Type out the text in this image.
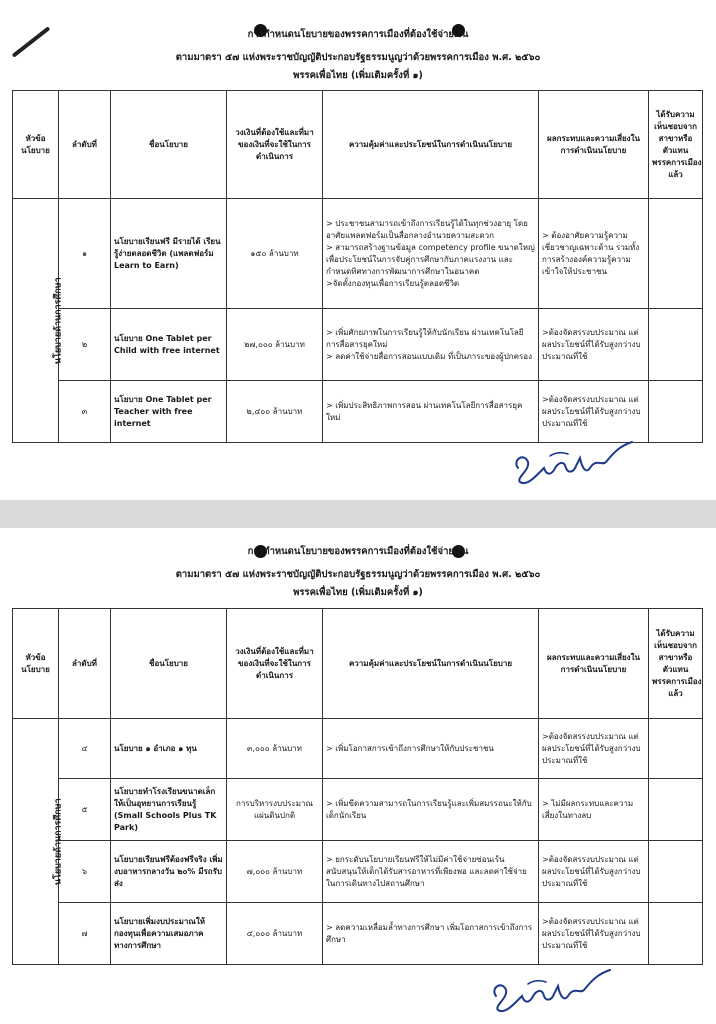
การกำหนดนโยบายของพรรคการเมืองที่ต้องใช้จ่ายเงิน
ตามมาตรา ๕๗ แห่งพระราชบัญญัติประกอบรัฐธรรมนูญว่าด้วยพรรคการเมือง พ.ศ. ๒๕๖๐
พรรคเพื่อไทย (เพิ่มเติมครั้งที่ ๑)
หัวข้อนโยบาย	ลำดับที่	ชื่อนโยบาย	วงเงินที่ต้องใช้และที่มาของเงินที่จะใช้ในการดำเนินการ	ความคุ้มค่าและประโยชน์ในการดำเนินนโยบาย	ผลกระทบและความเสี่ยงในการดำเนินนโยบาย	ได้รับความเห็นชอบจากสาขาหรือตัวแทนพรรคการเมืองแล้ว
นโยบายด้านการศึกษา	๑	นโยบายเรียนฟรี มีรายได้ เรียนรู้ง่ายตลอดชีวิต (แพลตฟอร์ม Learn to Earn)	๑๕๐ ล้านบาท	> ประชาชนสามารถเข้าถึงการเรียนรู้ได้ในทุกช่วงอายุ โดยอาศัยแพลตฟอร์มเป็นสื่อกลางอำนวยความสะดวก
> สามารถสร้างฐานข้อมูล competency profile ขนาดใหญ่ เพื่อประโยชน์ในการจับคู่การศึกษากับภาคแรงงาน และกำหนดทิศทางการพัฒนาการศึกษาในอนาคต
>จัดตั้งกองทุนเพื่อการเรียนรู้ตลอดชีวิต	> ต้องอาศัยความรู้ความเชี่ยวชาญเฉพาะด้าน รวมทั้งการสร้างองค์ความรู้ความเข้าใจให้ประชาชน	
	๒	นโยบาย One Tablet per Child with free internet	๒๗,๐๐๐ ล้านบาท	> เพิ่มศักยภาพในการเรียนรู้ให้กับนักเรียน ผ่านเทคโนโลยีการสื่อสารยุคใหม่
> ลดค่าใช้จ่ายสื่อการสอนแบบเดิม ที่เป็นภาระของผู้ปกครอง	>ต้องจัดสรรงบประมาณ แต่ผลประโยชน์ที่ได้รับสูงกว่างบประมาณที่ใช้	
	๓	นโยบาย One Tablet per Teacher with free internet	๒,๔๐๐ ล้านบาท	> เพิ่มประสิทธิภาพการสอน ผ่านเทคโนโลยีการสื่อสารยุคใหม่	>ต้องจัดสรรงบประมาณ แต่ผลประโยชน์ที่ได้รับสูงกว่างบประมาณที่ใช้	
การกำหนดนโยบายของพรรคการเมืองที่ต้องใช้จ่ายเงิน
ตามมาตรา ๕๗ แห่งพระราชบัญญัติประกอบรัฐธรรมนูญว่าด้วยพรรคการเมือง พ.ศ. ๒๕๖๐
พรรคเพื่อไทย (เพิ่มเติมครั้งที่ ๑)
หัวข้อนโยบาย	ลำดับที่	ชื่อนโยบาย	วงเงินที่ต้องใช้และที่มาของเงินที่จะใช้ในการดำเนินการ	ความคุ้มค่าและประโยชน์ในการดำเนินนโยบาย	ผลกระทบและความเสี่ยงในการดำเนินนโยบาย	ได้รับความเห็นชอบจากสาขาหรือตัวแทนพรรคการเมืองแล้ว
นโยบายด้านการศึกษา	๔	นโยบาย ๑ อำเภอ ๑ ทุน	๓,๐๐๐ ล้านบาท	> เพิ่มโอกาสการเข้าถึงการศึกษาให้กับประชาชน	>ต้องจัดสรรงบประมาณ แต่ผลประโยชน์ที่ได้รับสูงกว่างบประมาณที่ใช้	
	๕	นโยบายทำโรงเรียนขนาดเล็กให้เป็นอุทยานการเรียนรู้ (Small Schools Plus TK Park)	การบริหารงบประมาณแผ่นดินปกติ	> เพิ่มขีดความสามารถในการเรียนรู้และเพิ่มสมรรถนะให้กับเด็กนักเรียน	> ไม่มีผลกระทบและความเสี่ยงในทางลบ	
	๖	นโยบายเรียนฟรีต้องฟรีจริง เพิ่มงบอาหารกลางวัน ๒๐% มีรถรับส่ง	๗,๐๐๐ ล้านบาท	> ยกระดับนโยบายเรียนฟรีให้ไม่มีค่าใช้จ่ายซ่อนเร้น สนับสนุนให้เด็กได้รับสารอาหารที่เพียงพอ และลดค่าใช้จ่ายในการเดินทางไปสถานศึกษา	>ต้องจัดสรรงบประมาณ แต่ผลประโยชน์ที่ได้รับสูงกว่างบประมาณที่ใช้	
	๗	นโยบายเพิ่มงบประมาณให้กองทุนเพื่อความเสมอภาคทางการศึกษา	๔,๐๐๐ ล้านบาท	> ลดความเหลื่อมล้ำทางการศึกษา เพิ่มโอกาสการเข้าถึงการศึกษา	>ต้องจัดสรรงบประมาณ แต่ผลประโยชน์ที่ได้รับสูงกว่างบประมาณที่ใช้	
